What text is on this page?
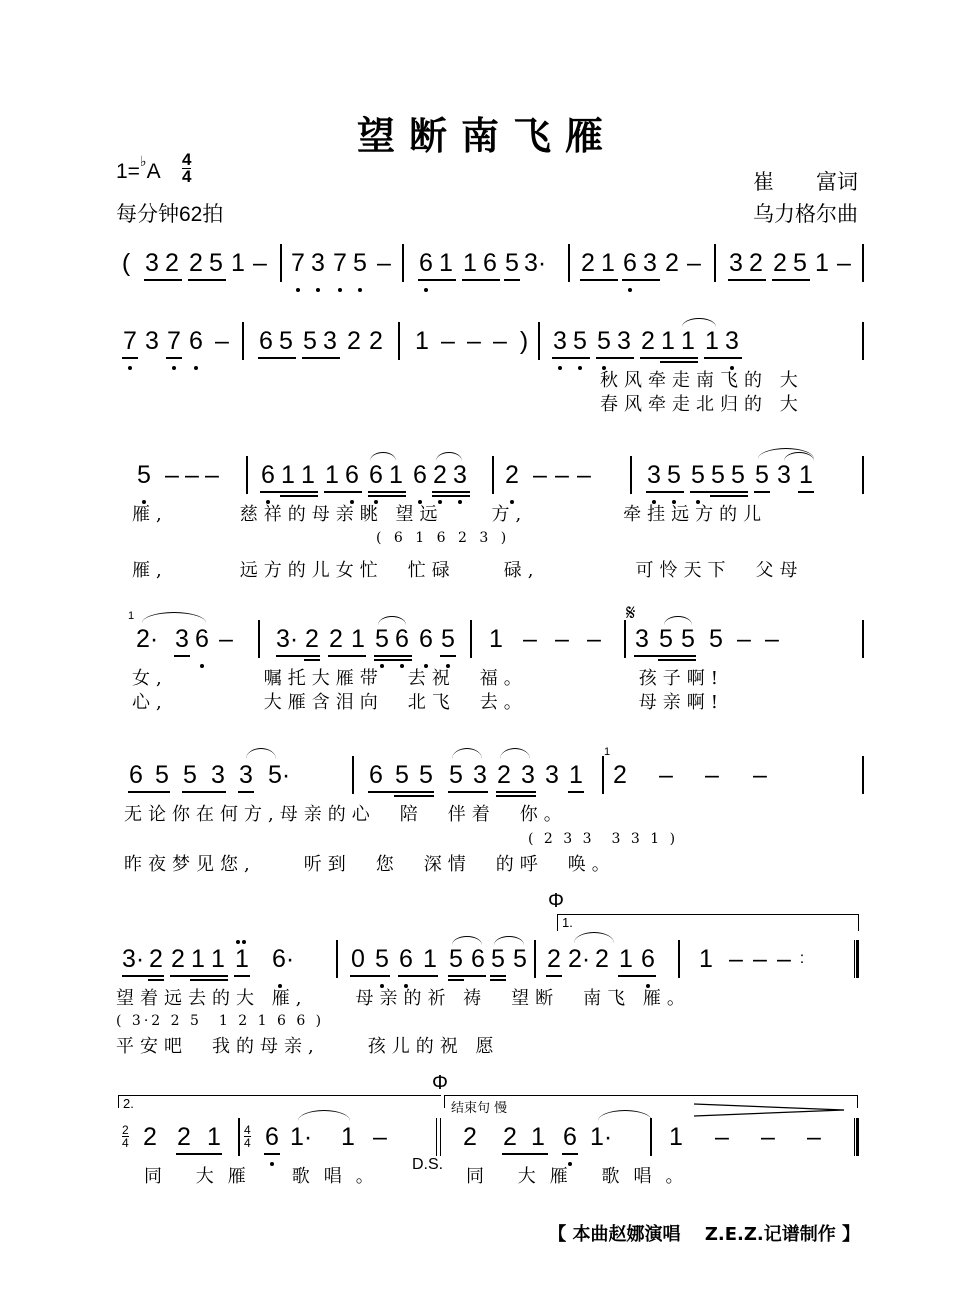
望断南飞雁
1=♭A
4
4
每分钟62拍
崔　　富词
乌力格尔曲
( 3 2 2 5 1 – 7 3 7 5 – 6 1 1 6 5 3· 2 1 6 3 2 – 3 2 2 5 1 –
7 3 7 6 – 6 5 5 3 2 2 1 – – – ) 3 5 5 3 2 1 1 1 3
秋风牵走南飞的 大
春风牵走北归的 大
5 – – – 6 1 1 1 6 6 1 6 2 3 2 – – – 3 5 5 5 5 5 3 1
雁,　　　慈祥的母亲眺 望远　　方,　　　　牵挂远方的儿
( 6 1 6 2 3 )
雁,　　　远方的儿女忙　忙碌　　碌,　　　　可怜天下　父母
1
2· 3 6 – 3· 2 2 1 5 6 6 5 1 – – –
𝄋
3 5 5 5 – –
女,　　　　嘱托大雁带　去祝　福。　　　　　孩子啊!
心,　　　　大雁含泪向　北飞　去。　　　　　母亲啊!
6 5 5 3 3 5·	6 5 5 5 3 2 3 3 1
1
2 – – –
无论你在何方,母亲的心　陪　伴着　你。
( 2 3 3　3 3 1 )
昨夜梦见您,　　听到　您　深情　的呼　唤。
Φ
1.
3· 2 2 1 1 1 6· 0 5 6 1 5 6 5 5 2 2· 2 1 6 1 – – – :
望着远去的大 雁,　　母亲的祈 祷　望断　南飞 雁。
( 3·2 2 5　1 2 1 6 6 )
平安吧　我的母亲,　　孩儿的祝 愿
Φ
2.	结束句 慢
2

4 2 2 1 4

4 6 1· 1 –	2 2 1 6 1· 1 – – –
D.S.
同 大雁　歌唱。	同 大雁 歌唱。
【 本曲赵娜演唱　 Z.E.Z.记谱制作 】
